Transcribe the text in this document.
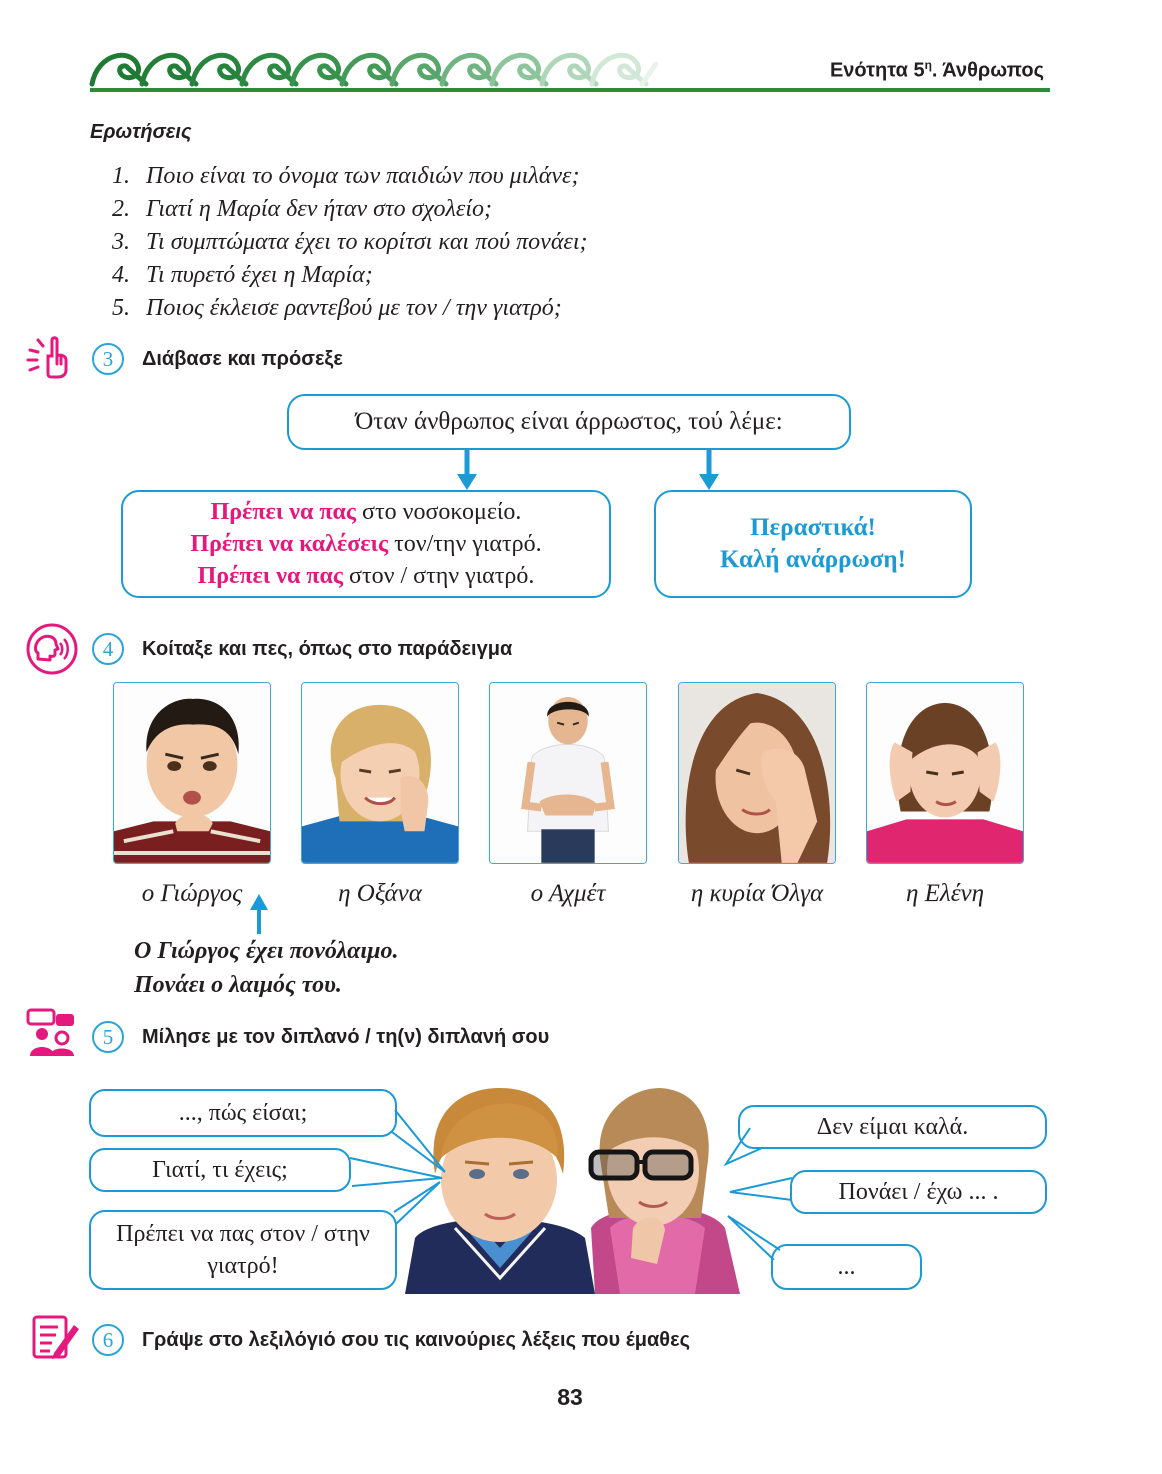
Ενότητα $5^\eta$. Άνθρωπος
Ερωτήσεις
1. Ποιο είναι το όνομα των παιδιών που μιλάνε;
2. Γιατί η Μαρία δεν ήταν στο σχολείο;
3. Τι συμπτώματα έχει το κορίτσι και πού πονάει;
4. Τι πυρετό έχει η Μαρία;
5. Ποιος έκλεισε ραντεβού με τον / την γιατρό;
3	Διάβασε και πρόσεξε
Όταν άνθρωπος είναι άρρωστος, τού λέμε:
Πρέπει να πας στο νοσοκομείο.
Πρέπει να καλέσεις τον/την γιατρό.
Πρέπει να πας στον / στην γιατρό.
Περαστικά!
Καλή ανάρρωση!
4	Κοίταξε και πες, όπως στο παράδειγμα
ο Γιώργος	η Οξάνα	ο Αχμέτ	η κυρία Όλγα	η Ελένη
Ο Γιώργος έχει πονόλαιμο.
Πονάει ο λαιμός του.
5	Μίλησε με τον διπλανό / τη(ν) διπλανή σου
..., πώς είσαι;
Γιατί, τι έχεις;
Πρέπει να πας στον / στην γιατρό!
Δεν είμαι καλά.
Πονάει / έχω ... .
...
6	Γράψε στο λεξιλόγιό σου τις καινούριες λέξεις που έμαθες
83
